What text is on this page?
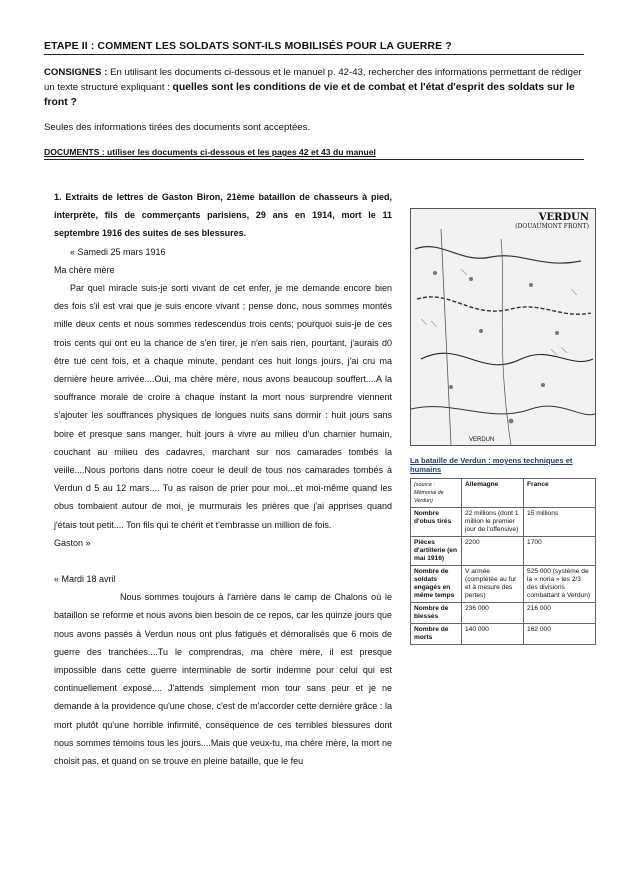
ETAPE II : COMMENT LES SOLDATS SONT-ILS MOBILISÉS POUR LA GUERRE ?
CONSIGNES : En utilisant les documents ci-dessous et le manuel p. 42-43, rechercher des informations permettant de rédiger un texte structuré expliquant : quelles sont les conditions de vie et de combat et l'état d'esprit des soldats sur le front ?
Seules des informations tirées des documents sont acceptées.
DOCUMENTS : utiliser les documents ci-dessous et les pages 42 et 43 du manuel

1. Extraits de lettres de Gaston Biron, 21ème bataillon de chasseurs à pied, interprète, fils de commerçants parisiens, 29 ans en 1914, mort le 11 septembre 1916 des suites de ses blessures.

« Samedi 25 mars 1916

Ma chère mère

Par quel miracle suis-je sorti vivant de cet enfer, je me demande encore bien des fois s'il est vrai que je suis encore vivant ; pense donc, nous sommes montés mille deux cents et nous sommes redescendus trois cents; pourquoi suis-je de ces trois cents qui ont eu la chance de s'en tirer, je n'en sais rien, pourtant, j'aurais d0 être tué cent fois, et à chaque minute, pendant ces huit longs jours, j'ai cru ma dernière heure arrivée....Oui, ma chère mère, nous avons beaucoup souffert....A la souffrance morale de croire à chaque instant la mort nous surprendre viennent s'ajouter les souffrances physiques de longues nuits sans dormir : huit jours sans boire et presque sans manger, huit jours à vivre au milieu d'un charnier humain, couchant au milieu des cadavres, marchant sur nos camarades tombés la veille....Nous portons dans notre coeur le deuil de tous nos camarades tombés à Verdun d 5 au 12 mars.... Tu as raison de prier pour moi...et moi-même quand les obus tombaient autour de moi, je murmurais les prières que j'ai apprises quand j'étais tout petit.... Ton fils qui te chérit et t'embrasse un million de fois.

Gaston »

« Mardi 18 avril

Nous sommes toujours à l'arrière dans le camp de Chalons où le bataillon se reforme et nous avons bien besoin de ce repos, car les quinze jours que nous avons passés à Verdun nous ont plus fatigués et démoralisés que 6 mois de guerre des tranchées....Tu le comprendras, ma chère mère, il est presque impossible dans cette guerre interminable de sortir indemne pour celui qui est continuellement exposé.... J'attends simplement mon tour sans peur et je ne demande à la providence qu'une chose, c'est de m'accorder cette dernière grâce : la mort plutôt qu'une horrible infirmité, conséquence de ces terribles blessures dont nous sommes témoins tous les jours....Mais que veux-tu, ma chère mère, la mort ne choisit pas, et quand on se trouve en pleine bataille, que le feu

VERDUN
(DOUAUMONT FRONT)
VERDUN
La bataille de Verdun : moyens techniques et humains
(source : Mémorial de Verdun)	Allemagne	France
Nombre d'obus tirés	22 millions (dont 1 million le premier jour de l'offensive)	15 millions
Pièces d'artillerie (en mai 1916)	2200	1700
Nombre de soldats engagés en même temps	V armée (complétée au fur et à mesure des pertes)	525 000 (système de la « noria » les 2/3 des divisions combattant à Verdun)
Nombre de blessés	236 000	216 000
Nombre de morts	140 000	162 000
